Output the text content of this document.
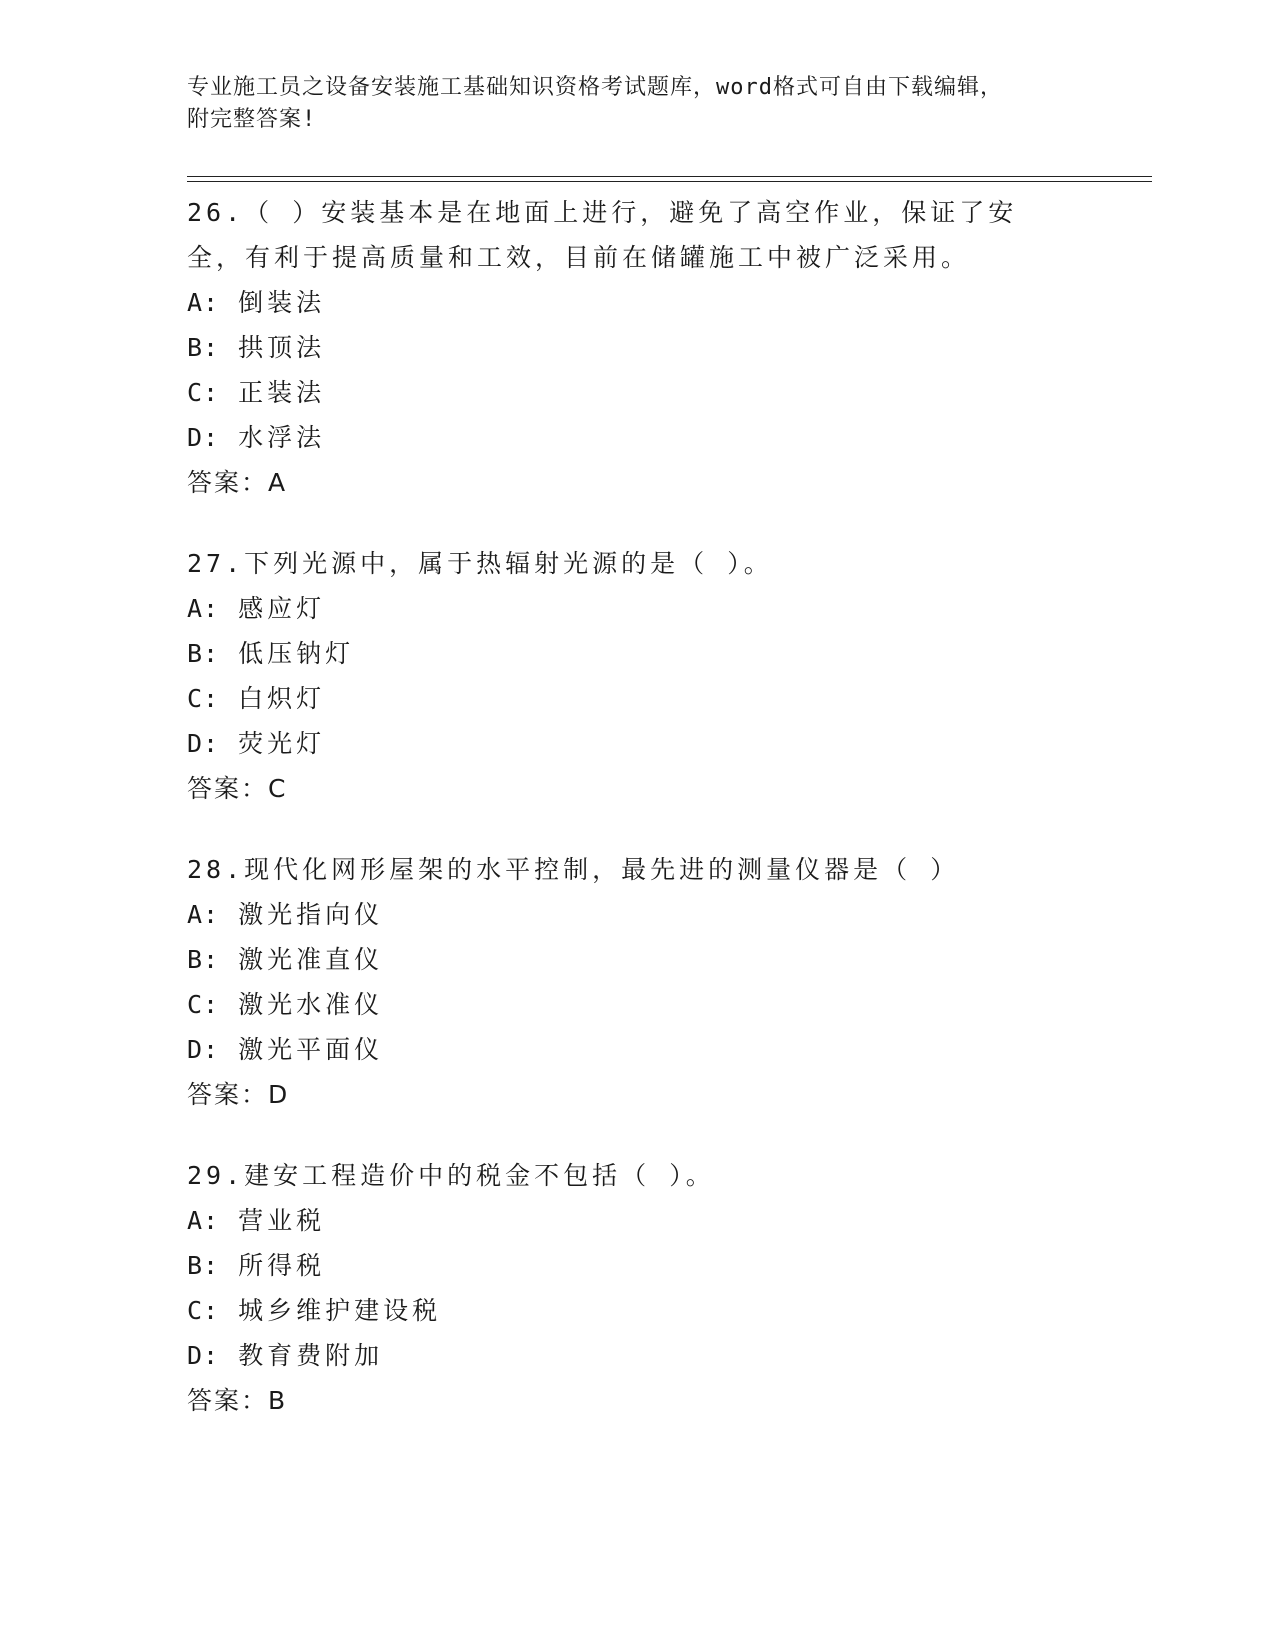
专业施工员之设备安装施工基础知识资格考试题库，word格式可自由下载编辑，
附完整答案!
26.（ ）安装基本是在地面上进行，避免了高空作业，保证了安全，有利于提高质量和工效，目前在储罐施工中被广泛采用。
A: 倒装法
B: 拱顶法
C: 正装法
D: 水浮法
答案：A
27.下列光源中，属于热辐射光源的是（ ）。
A: 感应灯
B: 低压钠灯
C: 白炽灯
D: 荧光灯
答案：C
28.现代化网形屋架的水平控制，最先进的测量仪器是（ ）
A: 激光指向仪
B: 激光准直仪
C: 激光水准仪
D: 激光平面仪
答案：D
29.建安工程造价中的税金不包括（ ）。
A: 营业税
B: 所得税
C: 城乡维护建设税
D: 教育费附加
答案：B
